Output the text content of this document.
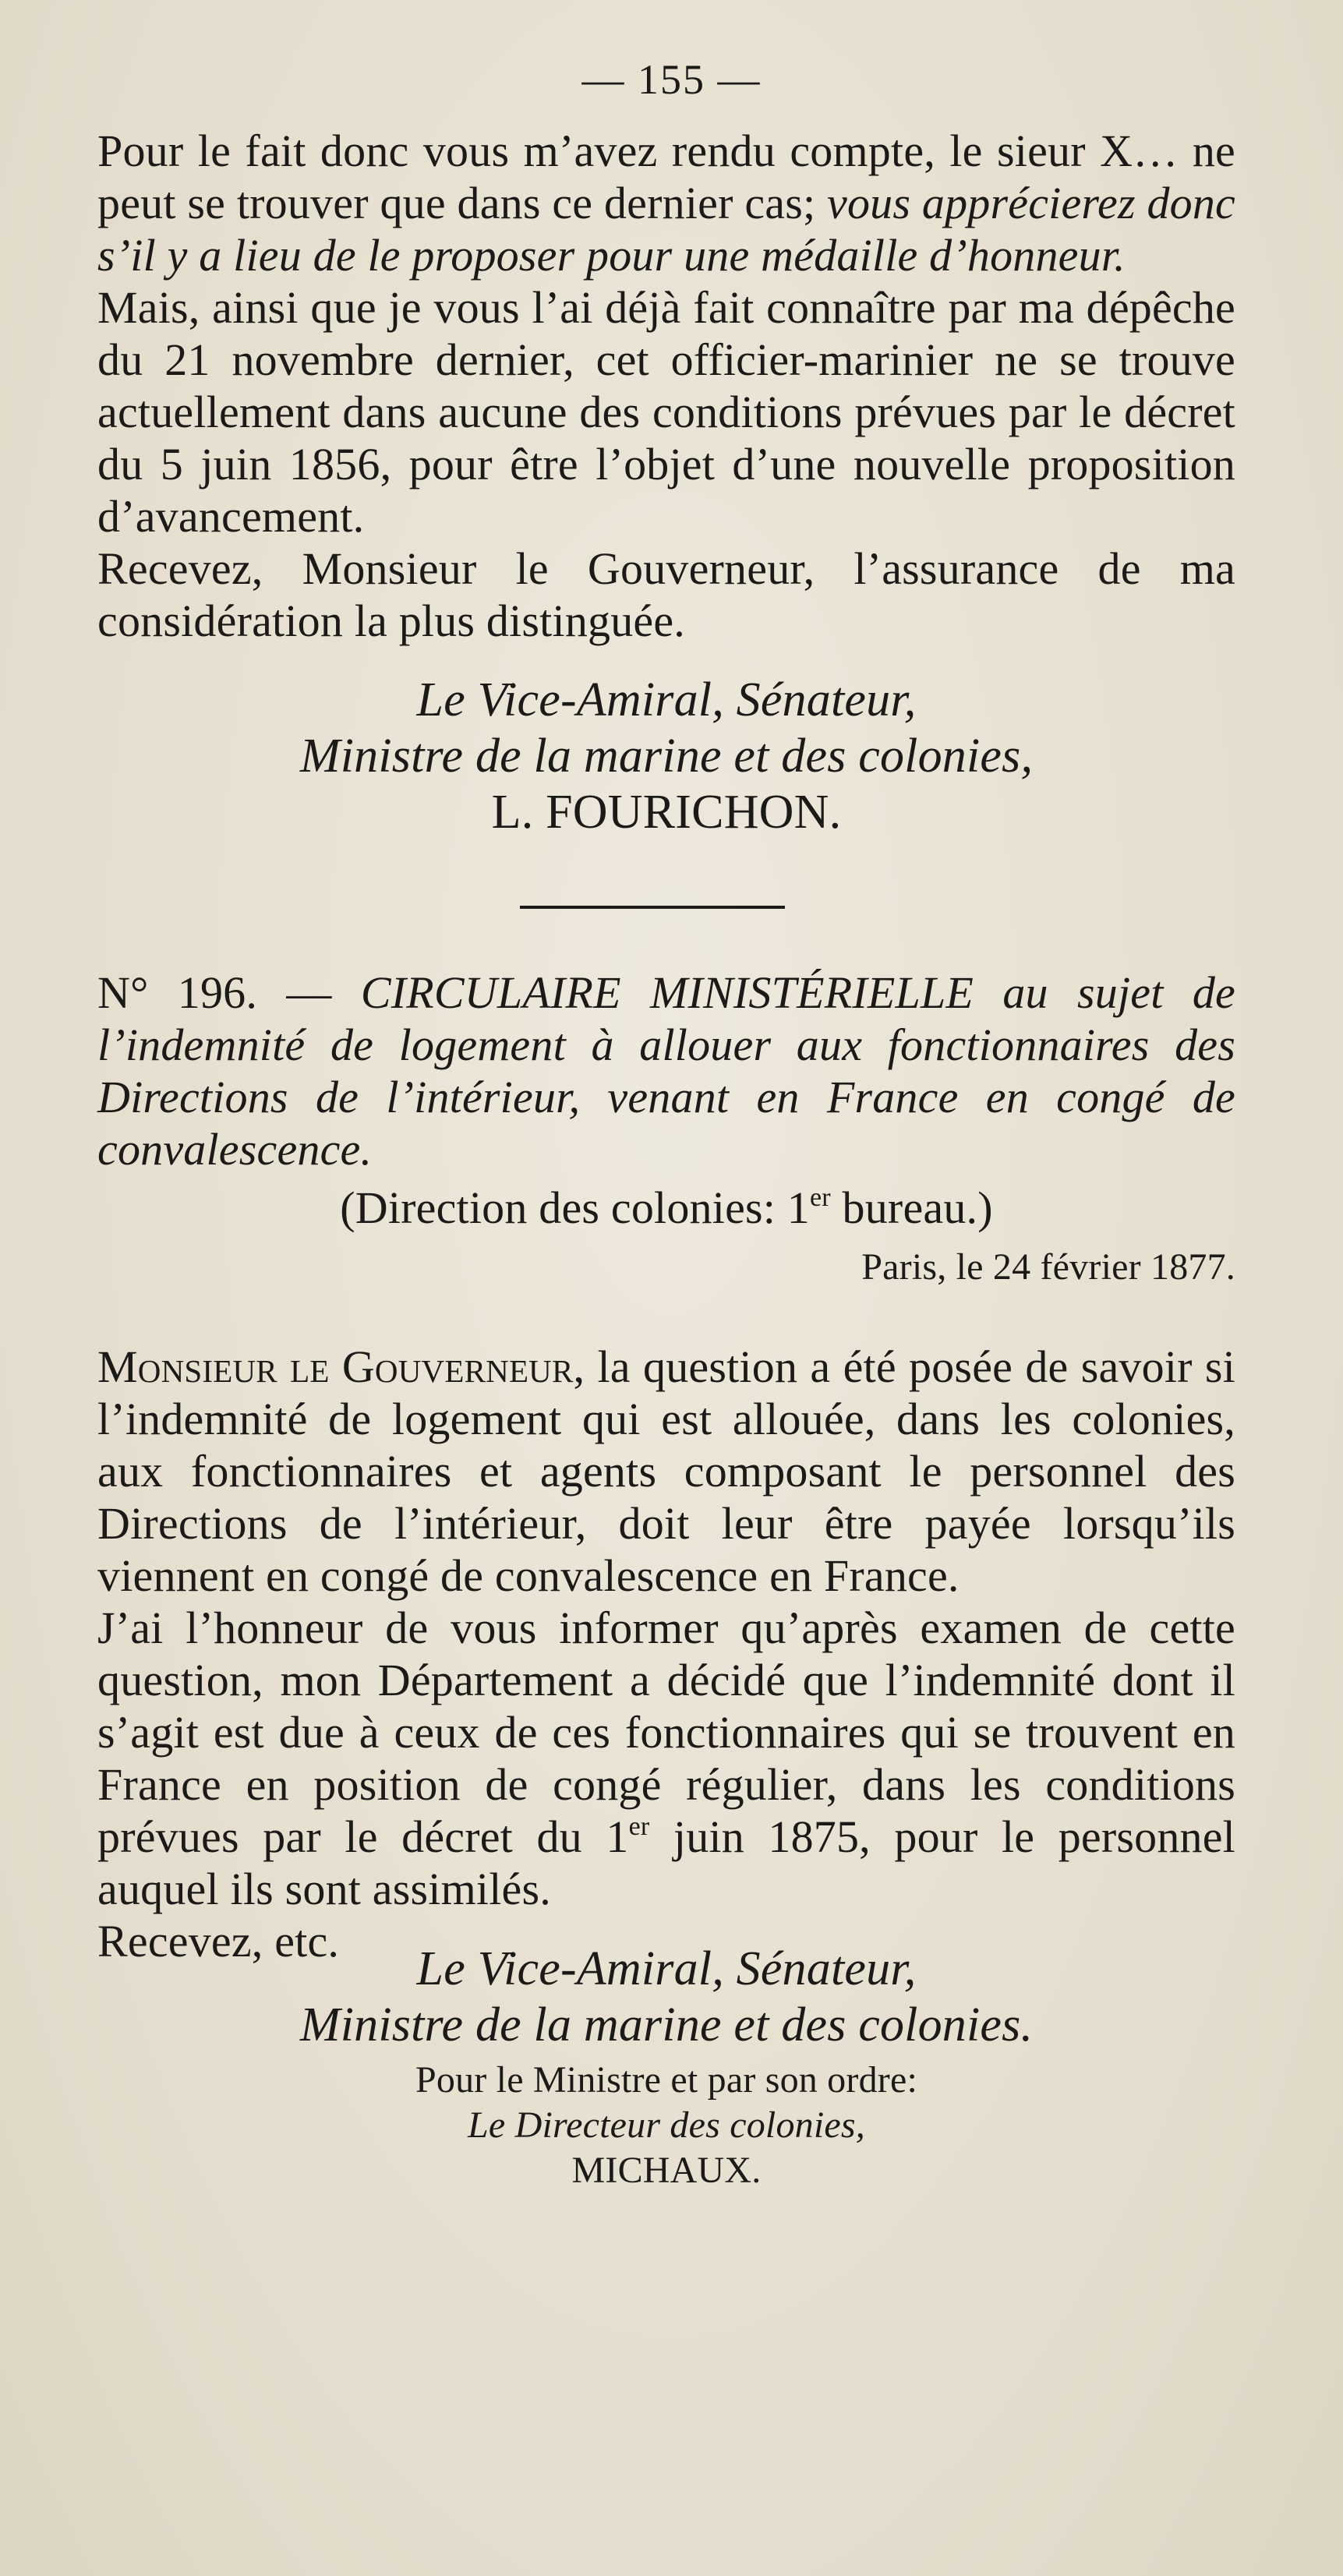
— 155 —

Pour le fait donc vous m’avez rendu compte, le sieur X… ne peut se trouver que dans ce dernier cas; vous apprécierez donc s’il y a lieu de le proposer pour une médaille d’honneur.

Mais, ainsi que je vous l’ai déjà fait connaître par ma dépêche du 21 novembre dernier, cet officier-marinier ne se trouve actuellement dans aucune des conditions prévues par le décret du 5 juin 1856, pour être l’objet d’une nouvelle proposition d’avancement.

Recevez, Monsieur le Gouverneur, l’assurance de ma considération la plus distinguée.

Le Vice-Amiral, Sénateur,

Ministre de la marine et des colonies,

L. FOURICHON.

N° 196. — CIRCULAIRE MINISTÉRIELLE au sujet de l’indemnité de logement à allouer aux fonctionnaires des Directions de l’intérieur, venant en France en congé de convalescence.

(Direction des colonies: 1er bureau.)

Paris, le 24 février 1877.

Monsieur le Gouverneur, la question a été posée de savoir si l’indemnité de logement qui est allouée, dans les colonies, aux fonctionnaires et agents composant le personnel des Directions de l’intérieur, doit leur être payée lorsqu’ils viennent en congé de convalescence en France.

J’ai l’honneur de vous informer qu’après examen de cette question, mon Département a décidé que l’indemnité dont il s’agit est due à ceux de ces fonctionnaires qui se trouvent en France en position de congé régulier, dans les conditions prévues par le décret du 1er juin 1875, pour le personnel auquel ils sont assimilés.

Recevez, etc.

Le Vice-Amiral, Sénateur,

Ministre de la marine et des colonies.

Pour le Ministre et par son ordre:

Le Directeur des colonies,

MICHAUX.
